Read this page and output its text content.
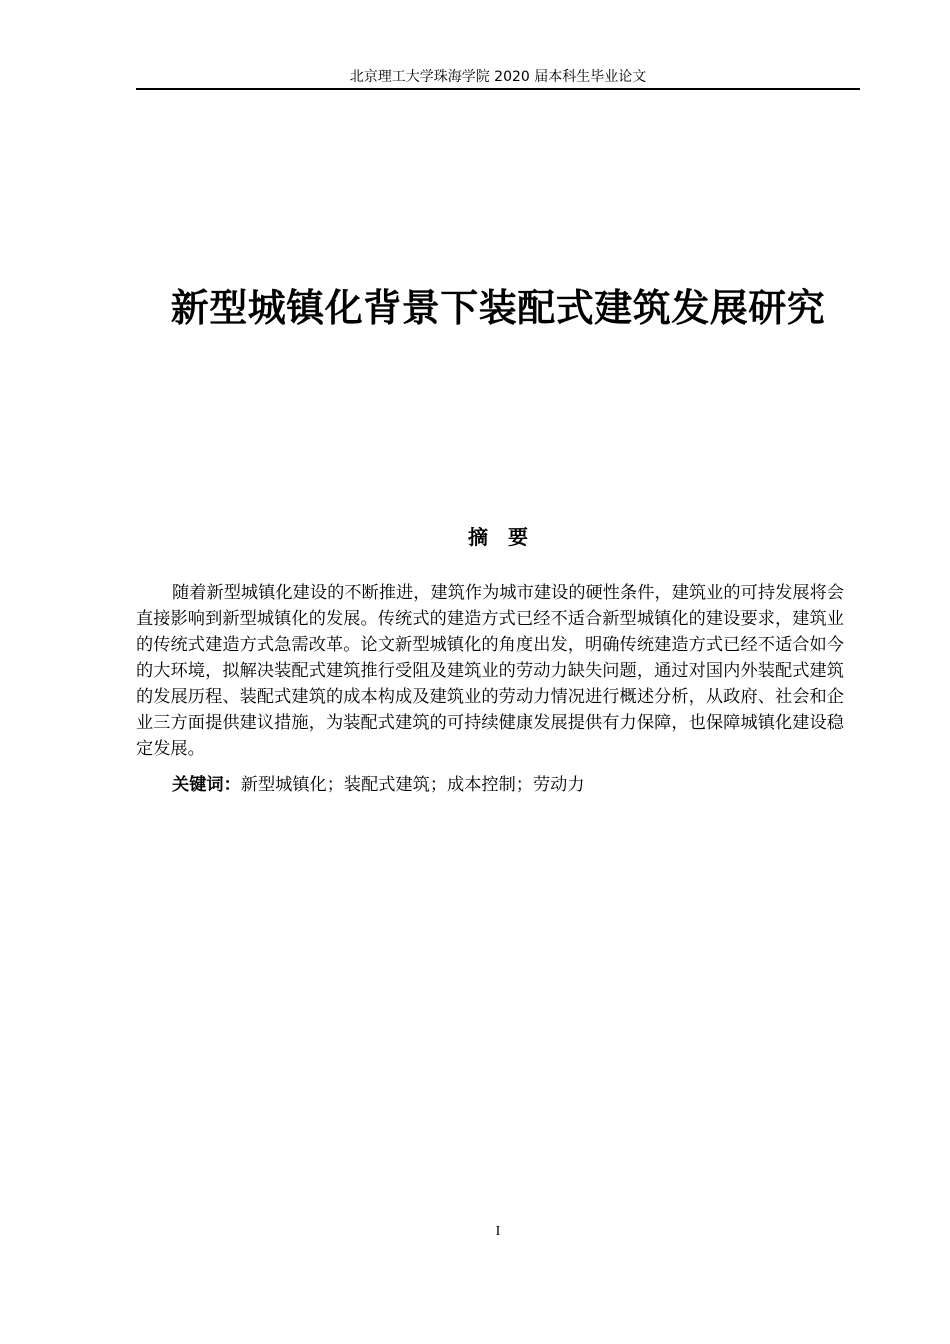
北京理工大学珠海学院 2020 届本科生毕业论文
新型城镇化背景下装配式建筑发展研究
摘　要

随着新型城镇化建设的不断推进，建筑作为城市建设的硬性条件，建筑业的可持发展将会直接影响到新型城镇化的发展。传统式的建造方式已经不适合新型城镇化的建设要求，建筑业的传统式建造方式急需改革。论文新型城镇化的角度出发，明确传统建造方式已经不适合如今的大环境，拟解决装配式建筑推行受阻及建筑业的劳动力缺失问题，通过对国内外装配式建筑的发展历程、装配式建筑的成本构成及建筑业的劳动力情况进行概述分析，从政府、社会和企业三方面提供建议措施，为装配式建筑的可持续健康发展提供有力保障，也保障城镇化建设稳定发展。

关键词：新型城镇化；装配式建筑；成本控制；劳动力

I
